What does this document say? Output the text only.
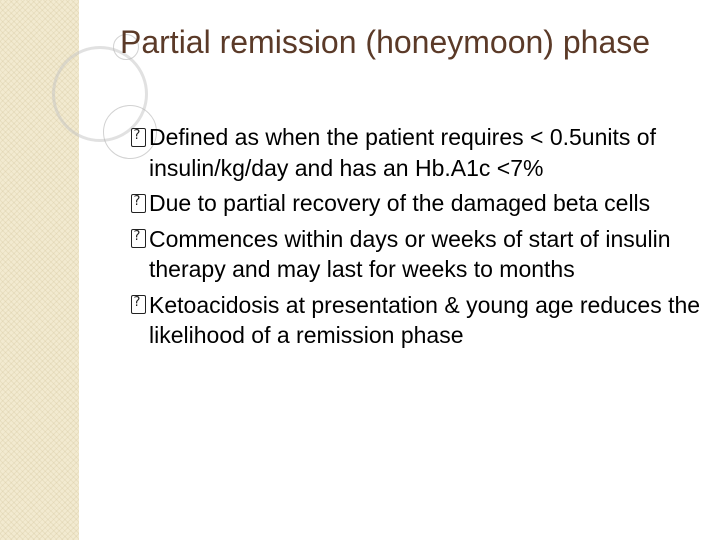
Partial remission (honeymoon) phase
?
Defined as when the patient requires < 0.5units of insulin/kg/day and has an Hb.A1c <7%
?
Due to partial recovery of the damaged beta cells
?
Commences within days or weeks of start of insulin therapy and may last for weeks to months
?
Ketoacidosis at presentation & young age reduces the likelihood of a remission phase
